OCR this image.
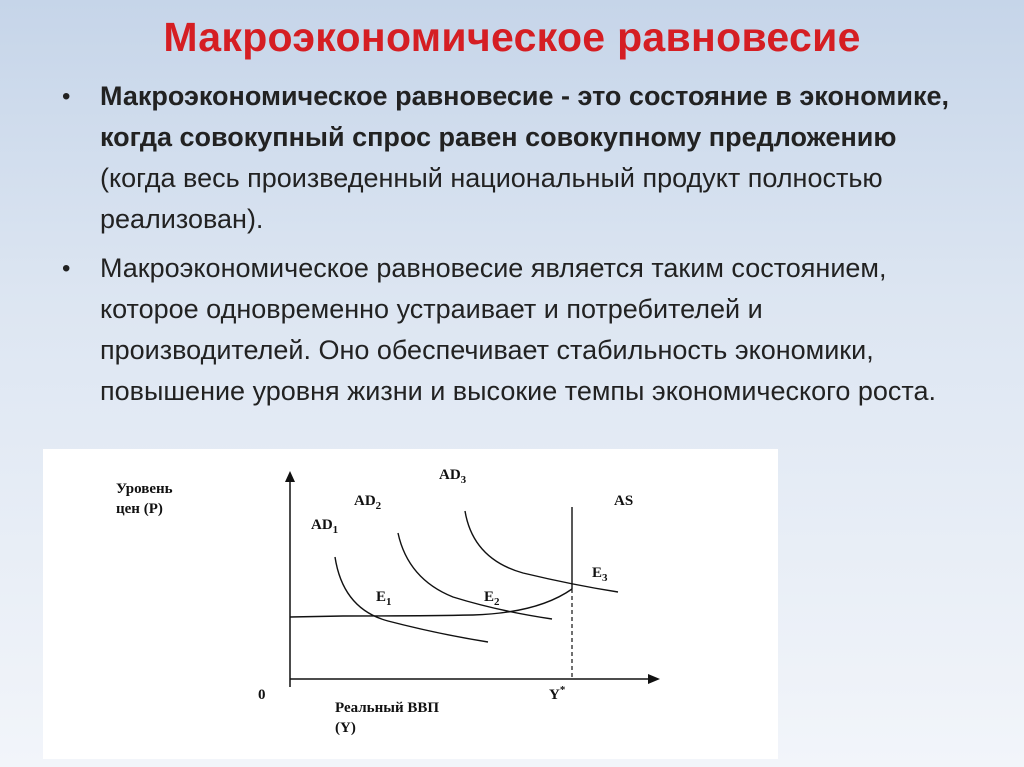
Макроэкономическое равновесие
• Макроэкономическое равновесие - это состояние в экономике, когда совокупный спрос равен совокупному предложению (когда весь произведенный национальный продукт полностью реализован).
• Макроэкономическое равновесие является таким состоянием, которое одновременно устраивает и потребителей и производителей. Оно обеспечивает стабильность экономики, повышение уровня жизни и высокие темпы экономического роста.
Уровень
цен (Р)
Реальный ВВП
(Y)
0	Y*
AS
$AD_1$
$AD_2$
$AD_3$
$E_1$	$E_2$
$E_3$
